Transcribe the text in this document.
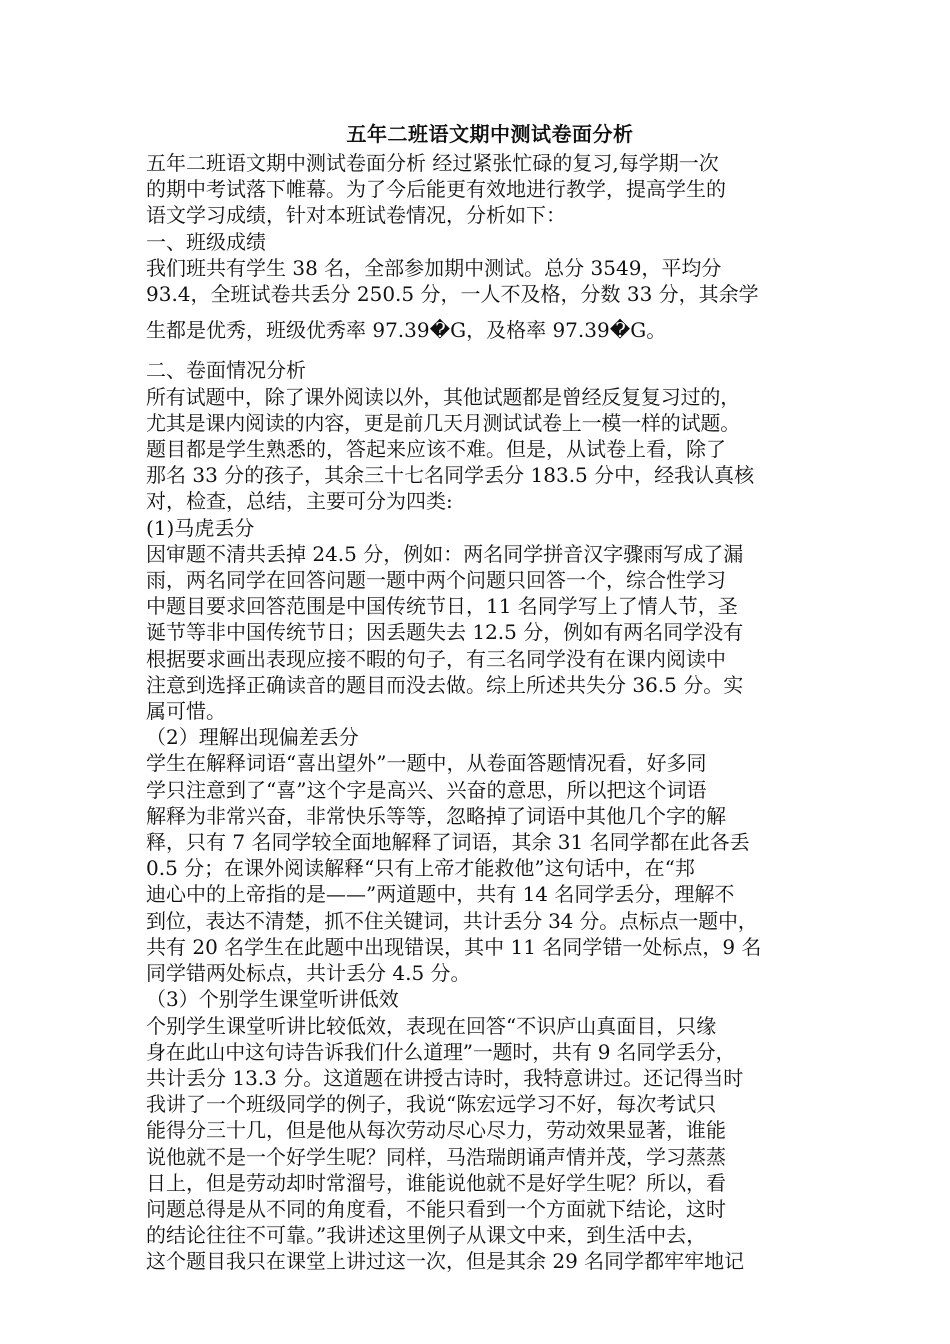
五年二班语文期中测试卷面分析

五年二班语文期中测试卷面分析 经过紧张忙碌的复习,每学期一次

的期中考试落下帷幕。为了今后能更有效地进行教学，提高学生的

语文学习成绩，针对本班试卷情况，分析如下：

一、班级成绩

我们班共有学生 38 名，全部参加期中测试。总分 3549，平均分

93.4，全班试卷共丢分 250.5 分，一人不及格，分数 33 分，其余学

生都是优秀，班级优秀率 97.39�G，及格率 97.39�G。

二、卷面情况分析

所有试题中，除了课外阅读以外，其他试题都是曾经反复复习过的，

尤其是课内阅读的内容，更是前几天月测试试卷上一模一样的试题。

题目都是学生熟悉的，答起来应该不难。但是，从试卷上看，除了

那名 33 分的孩子，其余三十七名同学丢分 183.5 分中，经我认真核

对，检查，总结，主要可分为四类:

(1)马虎丢分

因审题不清共丢掉 24.5 分，例如：两名同学拼音汉字骤雨写成了漏

雨，两名同学在回答问题一题中两个问题只回答一个，综合性学习

中题目要求回答范围是中国传统节日，11 名同学写上了情人节，圣

诞节等非中国传统节日；因丢题失去 12.5 分，例如有两名同学没有

根据要求画出表现应接不暇的句子，有三名同学没有在课内阅读中

注意到选择正确读音的题目而没去做。综上所述共失分 36.5 分。实

属可惜。

（2）理解出现偏差丢分

学生在解释词语“喜出望外”一题中，从卷面答题情况看，好多同

学只注意到了“喜”这个字是高兴、兴奋的意思，所以把这个词语

解释为非常兴奋，非常快乐等等，忽略掉了词语中其他几个字的解

释，只有 7 名同学较全面地解释了词语，其余 31 名同学都在此各丢

0.5 分；在课外阅读解释“只有上帝才能救他”这句话中，在“邦

迪心中的上帝指的是——”两道题中，共有 14 名同学丢分，理解不

到位，表达不清楚，抓不住关键词，共计丢分 34 分。点标点一题中，

共有 20 名学生在此题中出现错误，其中 11 名同学错一处标点，9 名

同学错两处标点，共计丢分 4.5 分。

（3）个别学生课堂听讲低效

个别学生课堂听讲比较低效，表现在回答“不识庐山真面目，只缘

身在此山中这句诗告诉我们什么道理”一题时，共有 9 名同学丢分，

共计丢分 13.3 分。这道题在讲授古诗时，我特意讲过。还记得当时

我讲了一个班级同学的例子，我说“陈宏远学习不好，每次考试只

能得分三十几，但是他从每次劳动尽心尽力，劳动效果显著，谁能

说他就不是一个好学生呢？同样，马浩瑞朗诵声情并茂，学习蒸蒸

日上，但是劳动却时常溜号，谁能说他就不是好学生呢？所以，看

问题总得是从不同的角度看，不能只看到一个方面就下结论，这时

的结论往往不可靠。”我讲述这里例子从课文中来，到生活中去，

这个题目我只在课堂上讲过这一次，但是其余 29 名同学都牢牢地记
